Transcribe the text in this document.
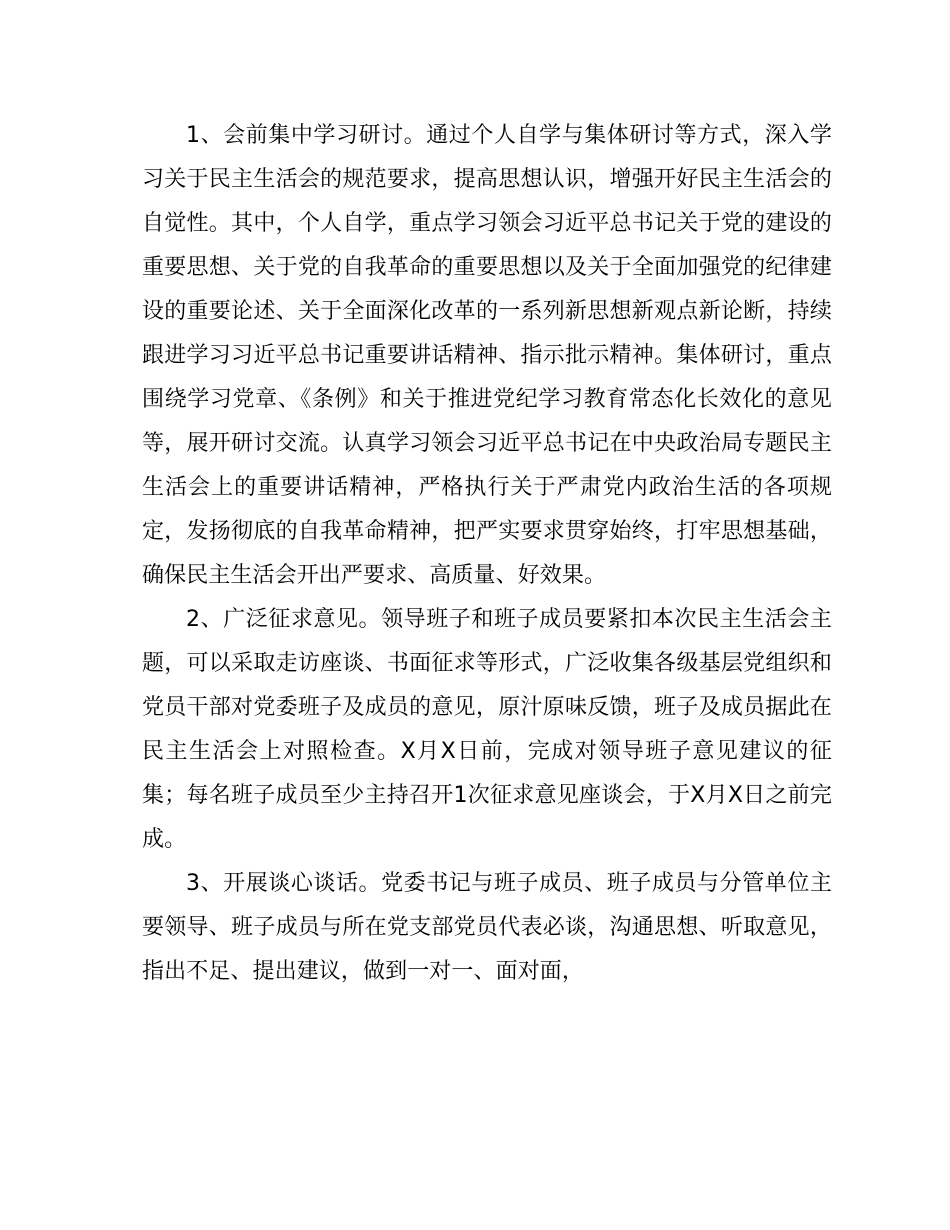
1、会前集中学习研讨。通过个人自学与集体研讨等方式，深入学习关于民主生活会的规范要求，提高思想认识，增强开好民主生活会的自觉性。其中，个人自学，重点学习领会习近平总书记关于党的建设的重要思想、关于党的自我革命的重要思想以及关于全面加强党的纪律建设的重要论述、关于全面深化改革的一系列新思想新观点新论断，持续跟进学习习近平总书记重要讲话精神、指示批示精神。集体研讨，重点围绕学习党章、《条例》和关于推进党纪学习教育常态化长效化的意见等，展开研讨交流。认真学习领会习近平总书记在中央政治局专题民主生活会上的重要讲话精神，严格执行关于严肃党内政治生活的各项规定，发扬彻底的自我革命精神，把严实要求贯穿始终，打牢思想基础，确保民主生活会开出严要求、高质量、好效果。

2、广泛征求意见。领导班子和班子成员要紧扣本次民主生活会主题，可以采取走访座谈、书面征求等形式，广泛收集各级基层党组织和党员干部对党委班子及成员的意见，原汁原味反馈，班子及成员据此在民主生活会上对照检查。X月X日前，完成对领导班子意见建议的征集；每名班子成员至少主持召开1次征求意见座谈会，于X月X日之前完成。

3、开展谈心谈话。党委书记与班子成员、班子成员与分管单位主要领导、班子成员与所在党支部党员代表必谈，沟通思想、听取意见，指出不足、提出建议，做到一对一、面对面，
